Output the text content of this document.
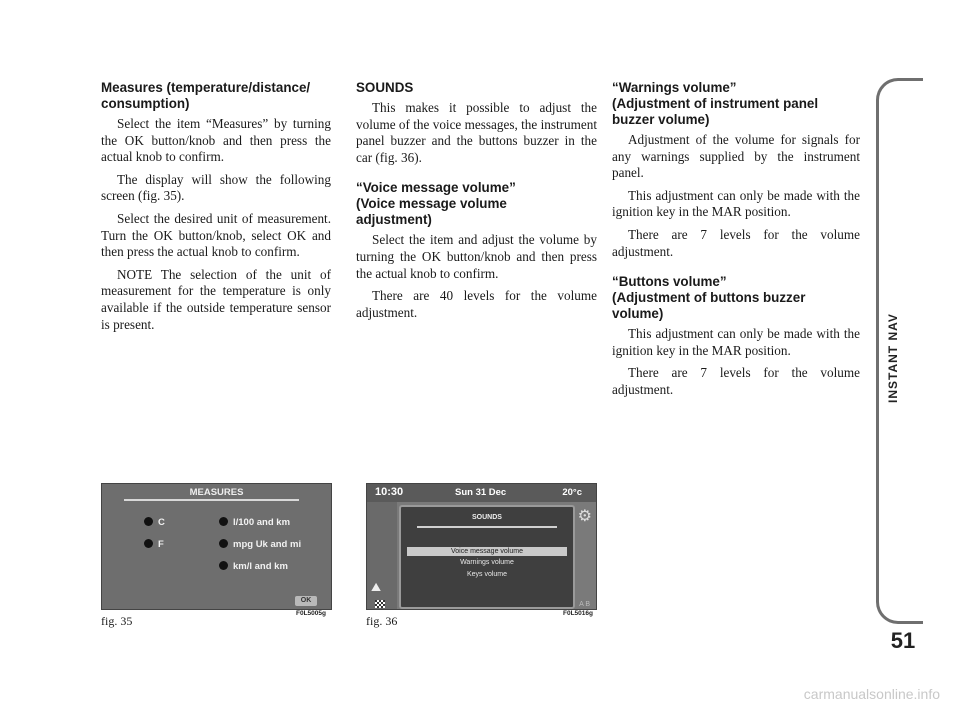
Measures (temperature/distance/
consumption)

Select the item “Measures” by turning the OK button/knob and then press the actual knob to confirm.

The display will show the following screen (fig. 35).

Select the desired unit of measurement. Turn the OK button/knob, select OK and then press the actual knob to confirm.

NOTE The selection of the unit of measurement for the temperature is only available if the outside temperature sensor is present.

SOUNDS

This makes it possible to adjust the volume of the voice messages, the instrument panel buzzer and the buttons buzzer in the car (fig. 36).

“Voice message volume”
(Voice message volume
adjustment)

Select the item and adjust the volume by turning the OK button/knob and then press the actual knob to confirm.

There are 40 levels for the volume adjustment.

“Warnings volume”
(Adjustment of instrument panel
buzzer volume)

Adjustment of the volume for signals for any warnings supplied by the instrument panel.

This adjustment can only be made with the ignition key in the MAR position.

There are 7 levels for the volume adjustment.

“Buttons volume”
(Adjustment of buttons buzzer
volume)

This adjustment can only be made with the ignition key in the MAR position.

There are 7 levels for the volume adjustment.	INSTANT NAV
51
MEASURES
C
F
l/100 and km
mpg Uk and mi
km/l and km
OK
fig. 35
F0L5005g
10:30	Sun 31 Dec	20°c
⛰
⚙
SOUNDS
Voice message volume
Warnings volume
Keys volume
A B
fig. 36
F0L5016g
carmanualsonline.info
